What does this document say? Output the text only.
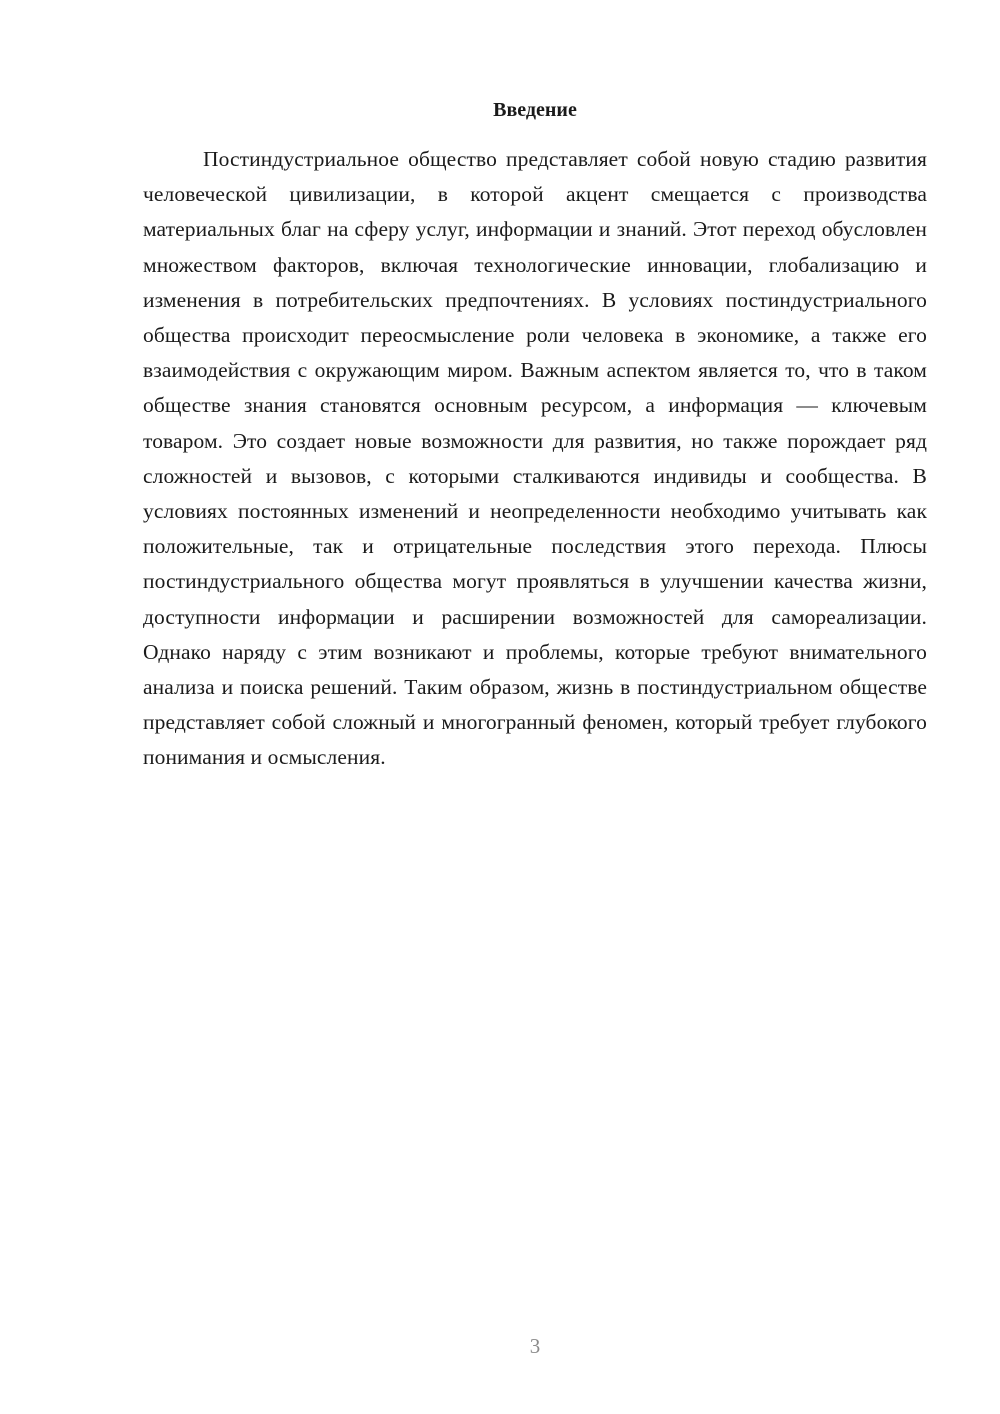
Введение

Постиндустриальное общество представляет собой новую стадию развития человеческой цивилизации, в которой акцент смещается с производства материальных благ на сферу услуг, информации и знаний. Этот переход обусловлен множеством факторов, включая технологические инновации, глобализацию и изменения в потребительских предпочтениях. В условиях постиндустриального общества происходит переосмысление роли человека в экономике, а также его взаимодействия с окружающим миром. Важным аспектом является то, что в таком обществе знания становятся основным ресурсом, а информация — ключевым товаром. Это создает новые возможности для развития, но также порождает ряд сложностей и вызовов, с которыми сталкиваются индивиды и сообщества. В условиях постоянных изменений и неопределенности необходимо учитывать как положительные, так и отрицательные последствия этого перехода. Плюсы постиндустриального общества могут проявляться в улучшении качества жизни, доступности информации и расширении возможностей для самореализации. Однако наряду с этим возникают и проблемы, которые требуют внимательного анализа и поиска решений. Таким образом, жизнь в постиндустриальном обществе представляет собой сложный и многогранный феномен, который требует глубокого понимания и осмысления.

3
